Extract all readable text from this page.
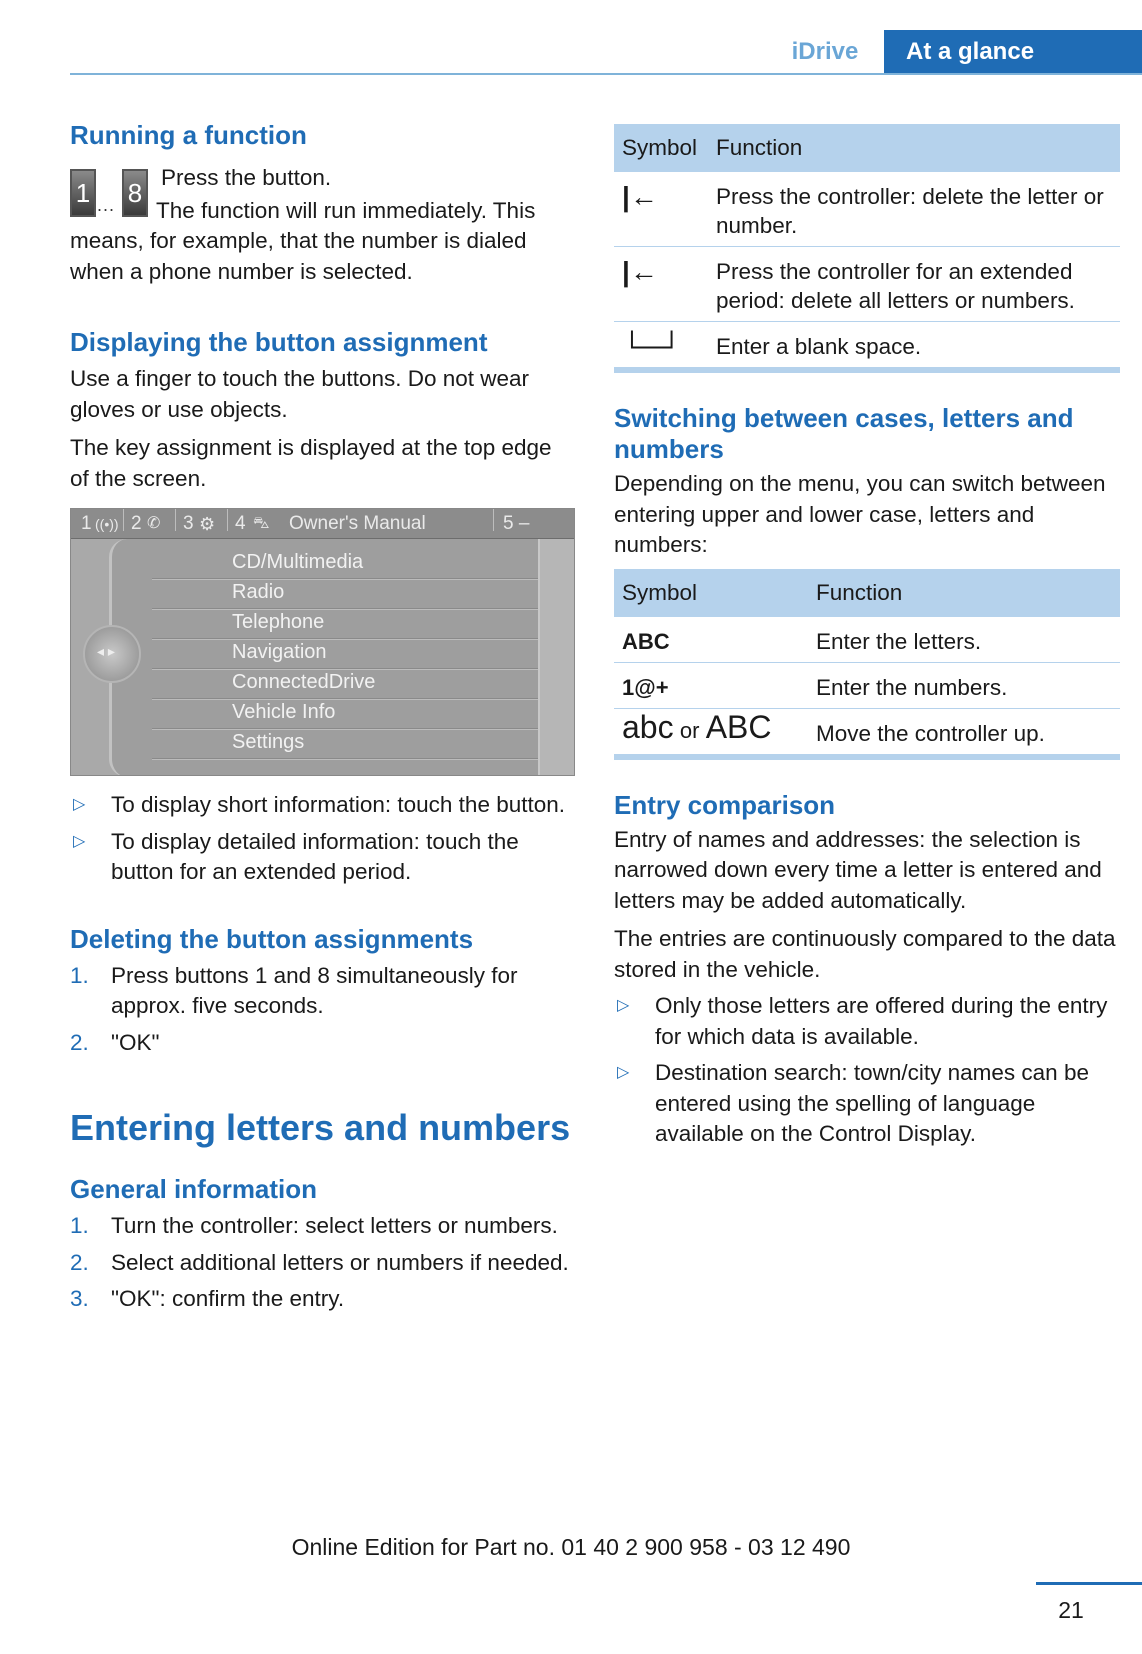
iDrive	At a glance
Running a function
1 ... 8

Press the button.

The function will run immediately. This means, for example, that the number is dialed when a phone number is selected.

Displaying the button assignment

Use a finger to touch the buttons. Do not wear gloves or use objects.

The key assignment is displayed at the top edge of the screen.

1 ((•)) 2 ✆ 3 ⚙ 4 ⛍ Owner's Manual	5 –
CD/Multimedia
Radio
Telephone
Navigation
ConnectedDrive
Vehicle Info
Settings
◂ ▸
▷ To display short information: touch the button.
▷ To display detailed information: touch the button for an extended period.
Deleting the button assignments
1. Press buttons 1 and 8 simultaneously for approx. five seconds.
2. "OK"
Entering letters and numbers
General information
1. Turn the controller: select letters or numbers.
2. Select additional letters or numbers if needed.
3. "OK": confirm the entry.
Symbol	Function
|←	Press the controller: delete the letter or number.
|←	Press the controller for an extended period: delete all letters or numbers.
└─┘	Enter a blank space.
Switching between cases, letters and numbers

Depending on the menu, you can switch between entering upper and lower case, letters and numbers:

Symbol	Function
ABC	Enter the letters.
1@+	Enter the numbers.
abc or ABC	Move the controller up.
Entry comparison

Entry of names and addresses: the selection is narrowed down every time a letter is entered and letters may be added automatically.

The entries are continuously compared to the data stored in the vehicle.

▷ Only those letters are offered during the entry for which data is available.
▷ Destination search: town/city names can be entered using the spelling of language available on the Control Display.
21
Online Edition for Part no. 01 40 2 900 958 - 03 12 490
